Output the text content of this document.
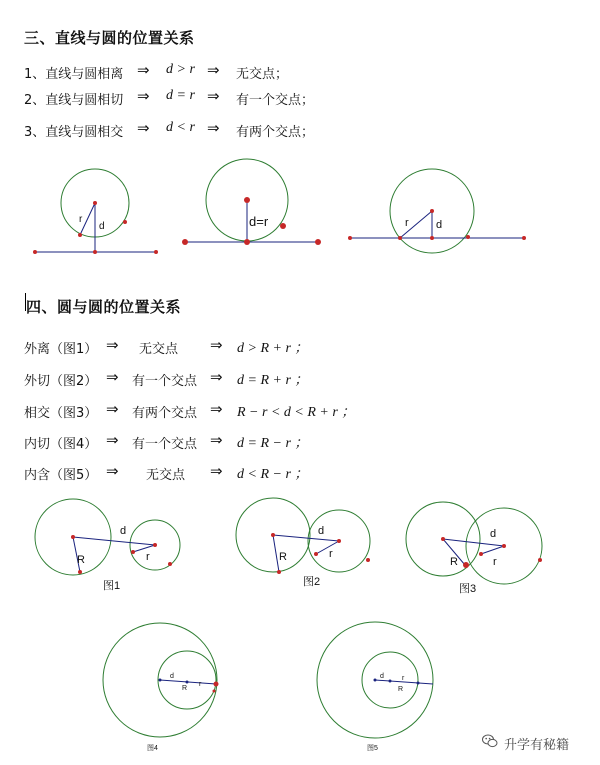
三、直线与圆的位置关系
1、直线与圆相离 ⇒ d > r ⇒ 无交点；
2、直线与圆相切 ⇒ d = r ⇒ 有一个交点；
3、直线与圆相交 ⇒ d < r ⇒ 有两个交点；
r
d	d=r	r d
四、圆与圆的位置关系
外离（图1） ⇒ 无交点 ⇒ d > R + r ；
外切（图2） ⇒ 有一个交点 ⇒ d = R + r ；
相交（图3） ⇒ 有两个交点 ⇒ R − r < d < R + r ；
内切（图4） ⇒ 有一个交点 ⇒ d = R − r ；
内含（图5） ⇒ 无交点 ⇒ d < R − r ；
R	r
d
图1
R	r
d
图2
R	r
d
图3
d
R
r
图4
d	r
R
图5	升学有秘籍
